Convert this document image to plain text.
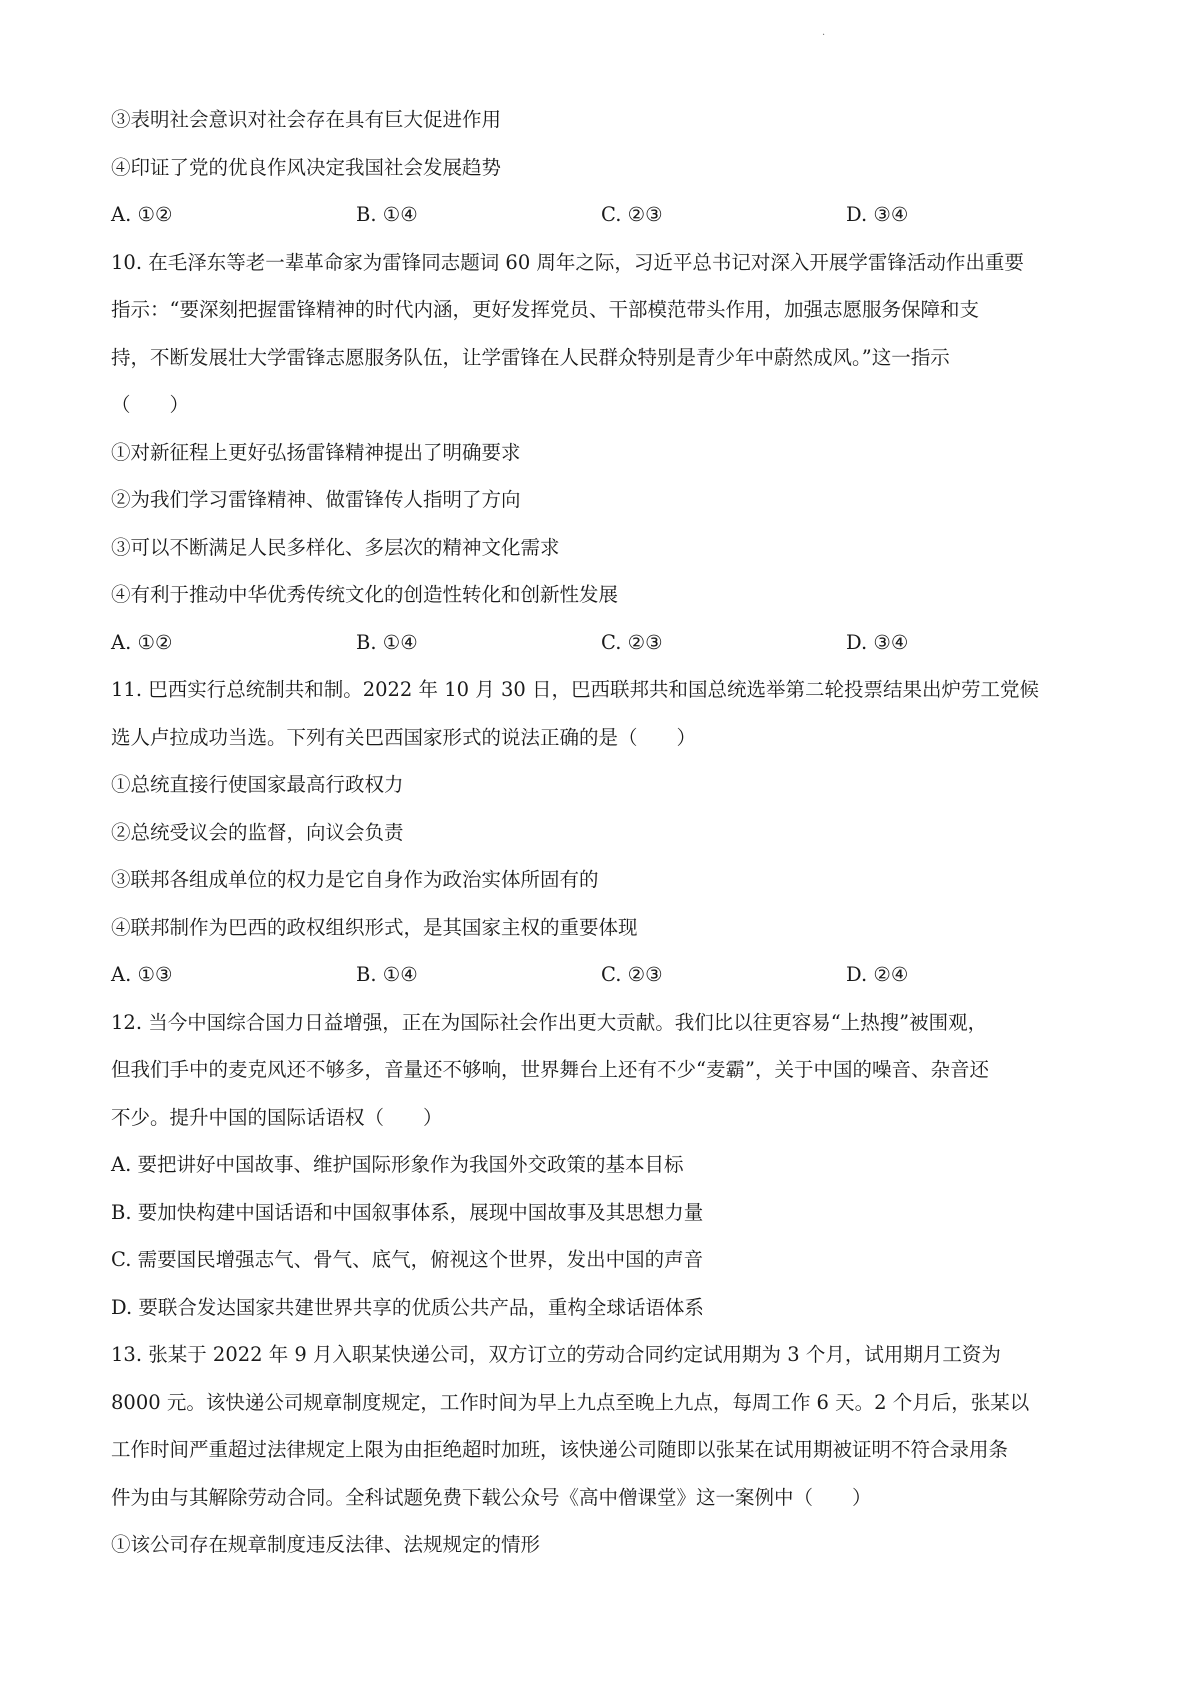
·
③表明社会意识对社会存在具有巨大促进作用
④印证了党的优良作风决定我国社会发展趋势
A. ①②	B. ①④	C. ②③	D. ③④
10. 在毛泽东等老一辈革命家为雷锋同志题词 60 周年之际，习近平总书记对深入开展学雷锋活动作出重要
指示：“要深刻把握雷锋精神的时代内涵，更好发挥党员、干部模范带头作用，加强志愿服务保障和支
持，不断发展壮大学雷锋志愿服务队伍，让学雷锋在人民群众特别是青少年中蔚然成风。”这一指示
（　　）
①对新征程上更好弘扬雷锋精神提出了明确要求
②为我们学习雷锋精神、做雷锋传人指明了方向
③可以不断满足人民多样化、多层次的精神文化需求
④有利于推动中华优秀传统文化的创造性转化和创新性发展
A. ①②	B. ①④	C. ②③	D. ③④
11. 巴西实行总统制共和制。2022 年 10 月 30 日，巴西联邦共和国总统选举第二轮投票结果出炉劳工党候
选人卢拉成功当选。下列有关巴西国家形式的说法正确的是（　　）
①总统直接行使国家最高行政权力
②总统受议会的监督，向议会负责
③联邦各组成单位的权力是它自身作为政治实体所固有的
④联邦制作为巴西的政权组织形式，是其国家主权的重要体现
A. ①③	B. ①④	C. ②③	D. ②④
12. 当今中国综合国力日益增强，正在为国际社会作出更大贡献。我们比以往更容易“上热搜”被围观，
但我们手中的麦克风还不够多，音量还不够响，世界舞台上还有不少“麦霸”，关于中国的噪音、杂音还
不少。提升中国的国际话语权（　　）
A. 要把讲好中国故事、维护国际形象作为我国外交政策的基本目标
B. 要加快构建中国话语和中国叙事体系，展现中国故事及其思想力量
C. 需要国民增强志气、骨气、底气，俯视这个世界，发出中国的声音
D. 要联合发达国家共建世界共享的优质公共产品，重构全球话语体系
13. 张某于 2022 年 9 月入职某快递公司，双方订立的劳动合同约定试用期为 3 个月，试用期月工资为
8000 元。该快递公司规章制度规定，工作时间为早上九点至晚上九点，每周工作 6 天。2 个月后，张某以
工作时间严重超过法律规定上限为由拒绝超时加班，该快递公司随即以张某在试用期被证明不符合录用条
件为由与其解除劳动合同。全科试题免费下载公众号《高中僧课堂》这一案例中（　　）
①该公司存在规章制度违反法律、法规规定的情形
